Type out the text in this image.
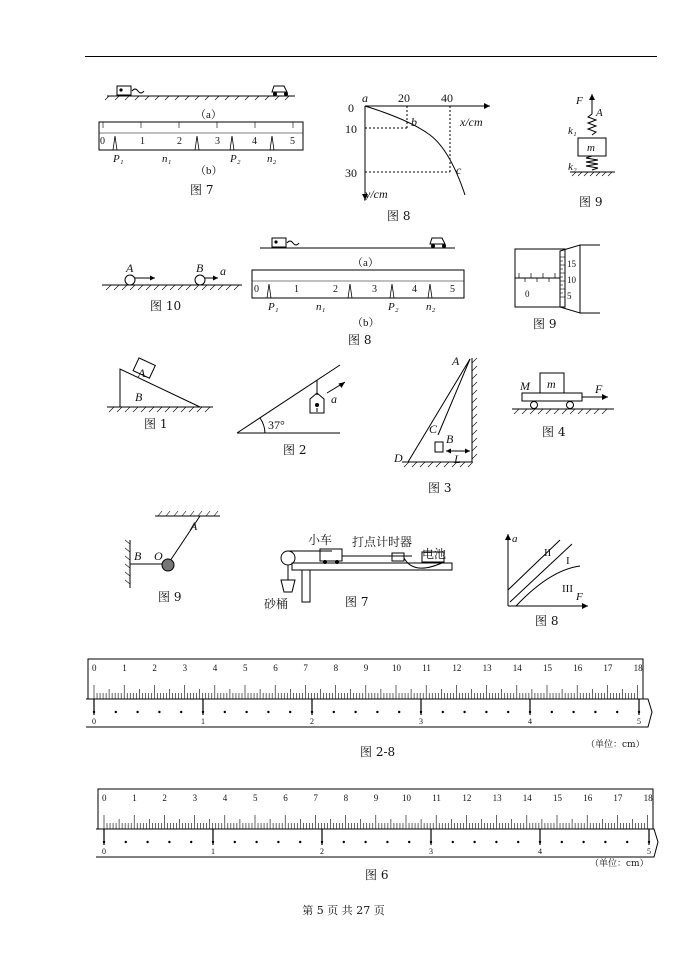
（a）
0	1	2	3	4	5
P₁	n₁	P₂ n₂
（b）
图 7
0
a	20	40
10
30
b
c
x/cm
y/cm
图 8
F
A
k₁
m
k₂
图 9
A	B a
图 10
（a）
0	1	2	3	4	5
P₁	n₁	P₂ n₂
（b）
图 8
15
10
5
0
图 9
A
B
图 1	37°
a
图 2
A
C
B
D	L
图 3
M m	F
图 4
A
B O
图 9
小车 打点计时器
电池
砂桶	图 7
a
F
II
I
III
图 8
0	1	2	3	4	5	6	7	8	9	10 11 12 13 14 15 16 17 18
0	1	2	3	4	5
（单位：cm）
图 2-8
0	1	2	3	4	5	6	7	8	9	10 11 12 13 14 15 16 17 18
0	1	2	3	4	5
（单位：cm）
图 6
第 5 页 共 27 页
